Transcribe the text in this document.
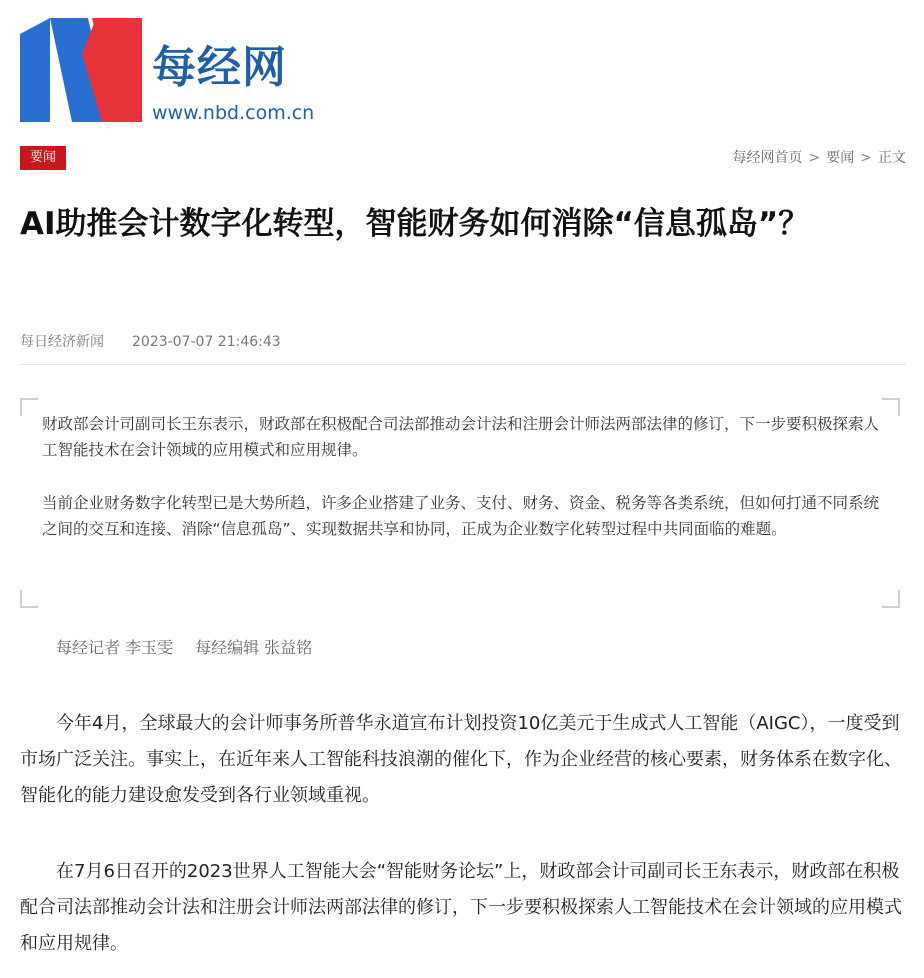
每经网
www.nbd.com.cn
要闻	每经网首页 > 要闻 > 正文
AI助推会计数字化转型，智能财务如何消除“信息孤岛”？
每日经济新闻 2023-07-07 21:46:43

财政部会计司副司长王东表示，财政部在积极配合司法部推动会计法和注册会计师法两部法律的修订，下一步要积极探索人工智能技术在会计领域的应用模式和应用规律。

当前企业财务数字化转型已是大势所趋，许多企业搭建了业务、支付、财务、资金、税务等各类系统，但如何打通不同系统之间的交互和连接、消除“信息孤岛”、实现数据共享和协同，正成为企业数字化转型过程中共同面临的难题。

每经记者 李玉雯 每经编辑 张益铭

今年4月，全球最大的会计师事务所普华永道宣布计划投资10亿美元于生成式人工智能（AIGC），一度受到市场广泛关注。事实上，在近年来人工智能科技浪潮的催化下，作为企业经营的核心要素，财务体系在数字化、智能化的能力建设愈发受到各行业领域重视。

在7月6日召开的2023世界人工智能大会“智能财务论坛”上，财政部会计司副司长王东表示，财政部在积极配合司法部推动会计法和注册会计师法两部法律的修订，下一步要积极探索人工智能技术在会计领域的应用模式和应用规律。
